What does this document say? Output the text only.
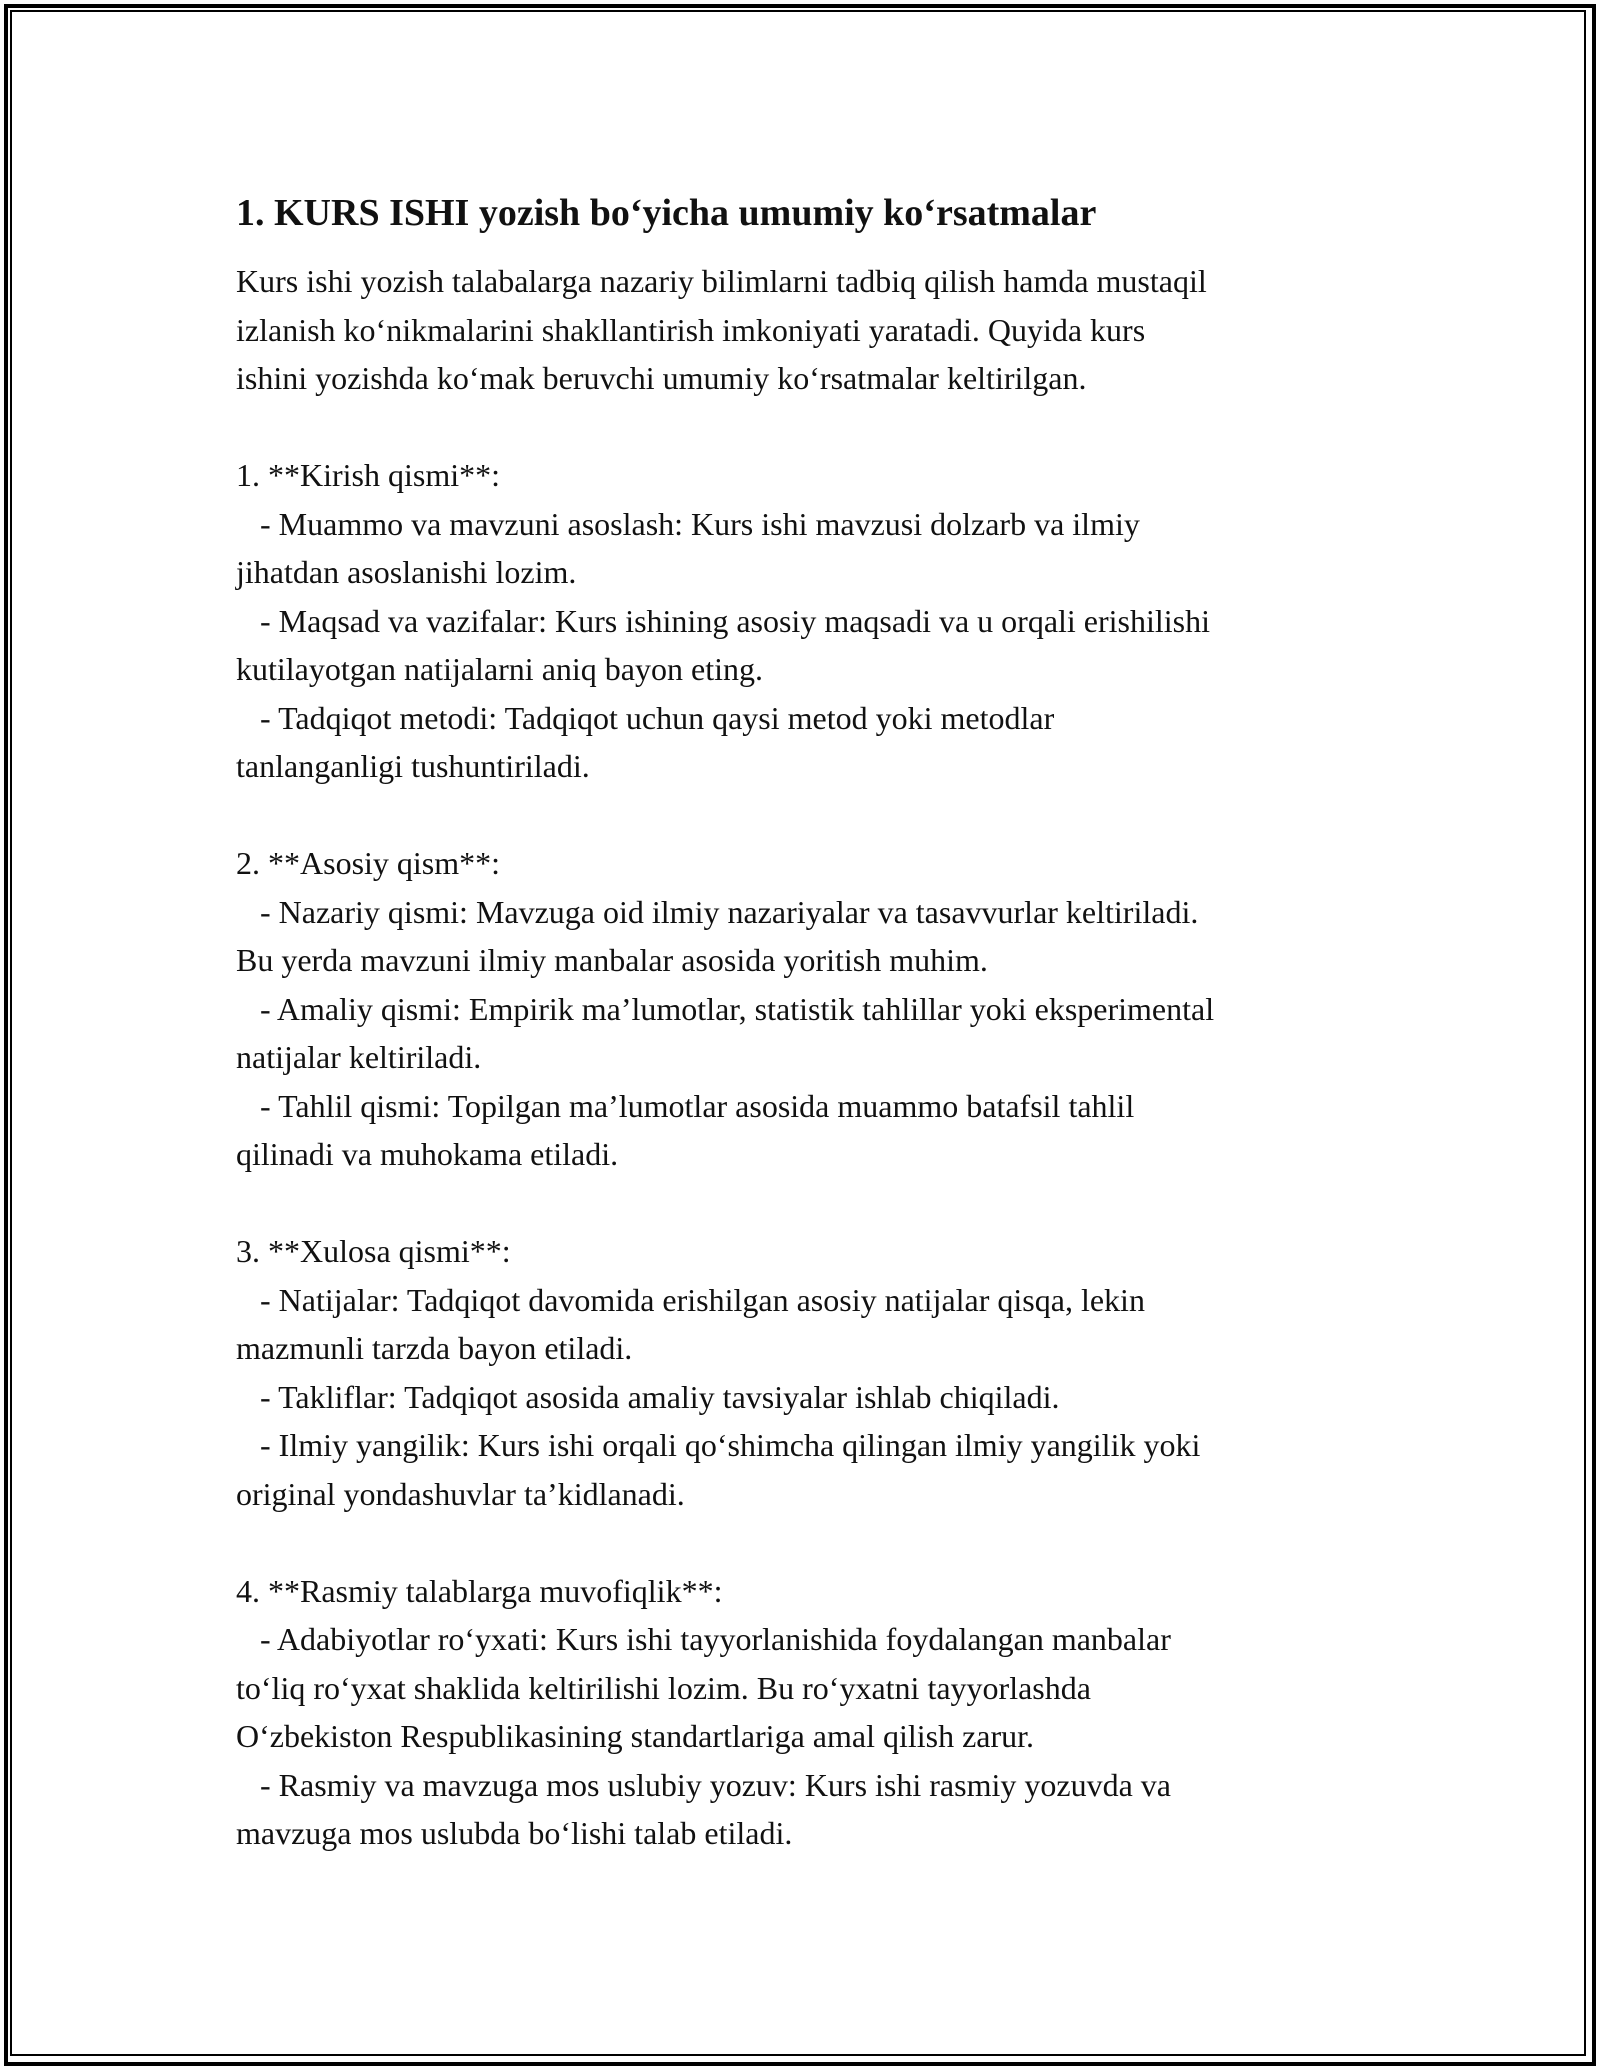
1. KURS ISHI yozish bo‘yicha umumiy ko‘rsatmalar
Kurs ishi yozish talabalarga nazariy bilimlarni tadbiq qilish hamda mustaqil
izlanish ko‘nikmalarini shakllantirish imkoniyati yaratadi. Quyida kurs
ishini yozishda ko‘mak beruvchi umumiy ko‘rsatmalar keltirilgan.
1. **Kirish qismi**:
- Muammo va mavzuni asoslash: Kurs ishi mavzusi dolzarb va ilmiy
jihatdan asoslanishi lozim.
- Maqsad va vazifalar: Kurs ishining asosiy maqsadi va u orqali erishilishi
kutilayotgan natijalarni aniq bayon eting.
- Tadqiqot metodi: Tadqiqot uchun qaysi metod yoki metodlar
tanlanganligi tushuntiriladi.
2. **Asosiy qism**:
- Nazariy qismi: Mavzuga oid ilmiy nazariyalar va tasavvurlar keltiriladi.
Bu yerda mavzuni ilmiy manbalar asosida yoritish muhim.
- Amaliy qismi: Empirik ma’lumotlar, statistik tahlillar yoki eksperimental
natijalar keltiriladi.
- Tahlil qismi: Topilgan ma’lumotlar asosida muammo batafsil tahlil
qilinadi va muhokama etiladi.
3. **Xulosa qismi**:
- Natijalar: Tadqiqot davomida erishilgan asosiy natijalar qisqa, lekin
mazmunli tarzda bayon etiladi.
- Takliflar: Tadqiqot asosida amaliy tavsiyalar ishlab chiqiladi.
- Ilmiy yangilik: Kurs ishi orqali qo‘shimcha qilingan ilmiy yangilik yoki
original yondashuvlar ta’kidlanadi.
4. **Rasmiy talablarga muvofiqlik**:
- Adabiyotlar ro‘yxati: Kurs ishi tayyorlanishida foydalangan manbalar
to‘liq ro‘yxat shaklida keltirilishi lozim. Bu ro‘yxatni tayyorlashda
O‘zbekiston Respublikasining standartlariga amal qilish zarur.
- Rasmiy va mavzuga mos uslubiy yozuv: Kurs ishi rasmiy yozuvda va
mavzuga mos uslubda bo‘lishi talab etiladi.
